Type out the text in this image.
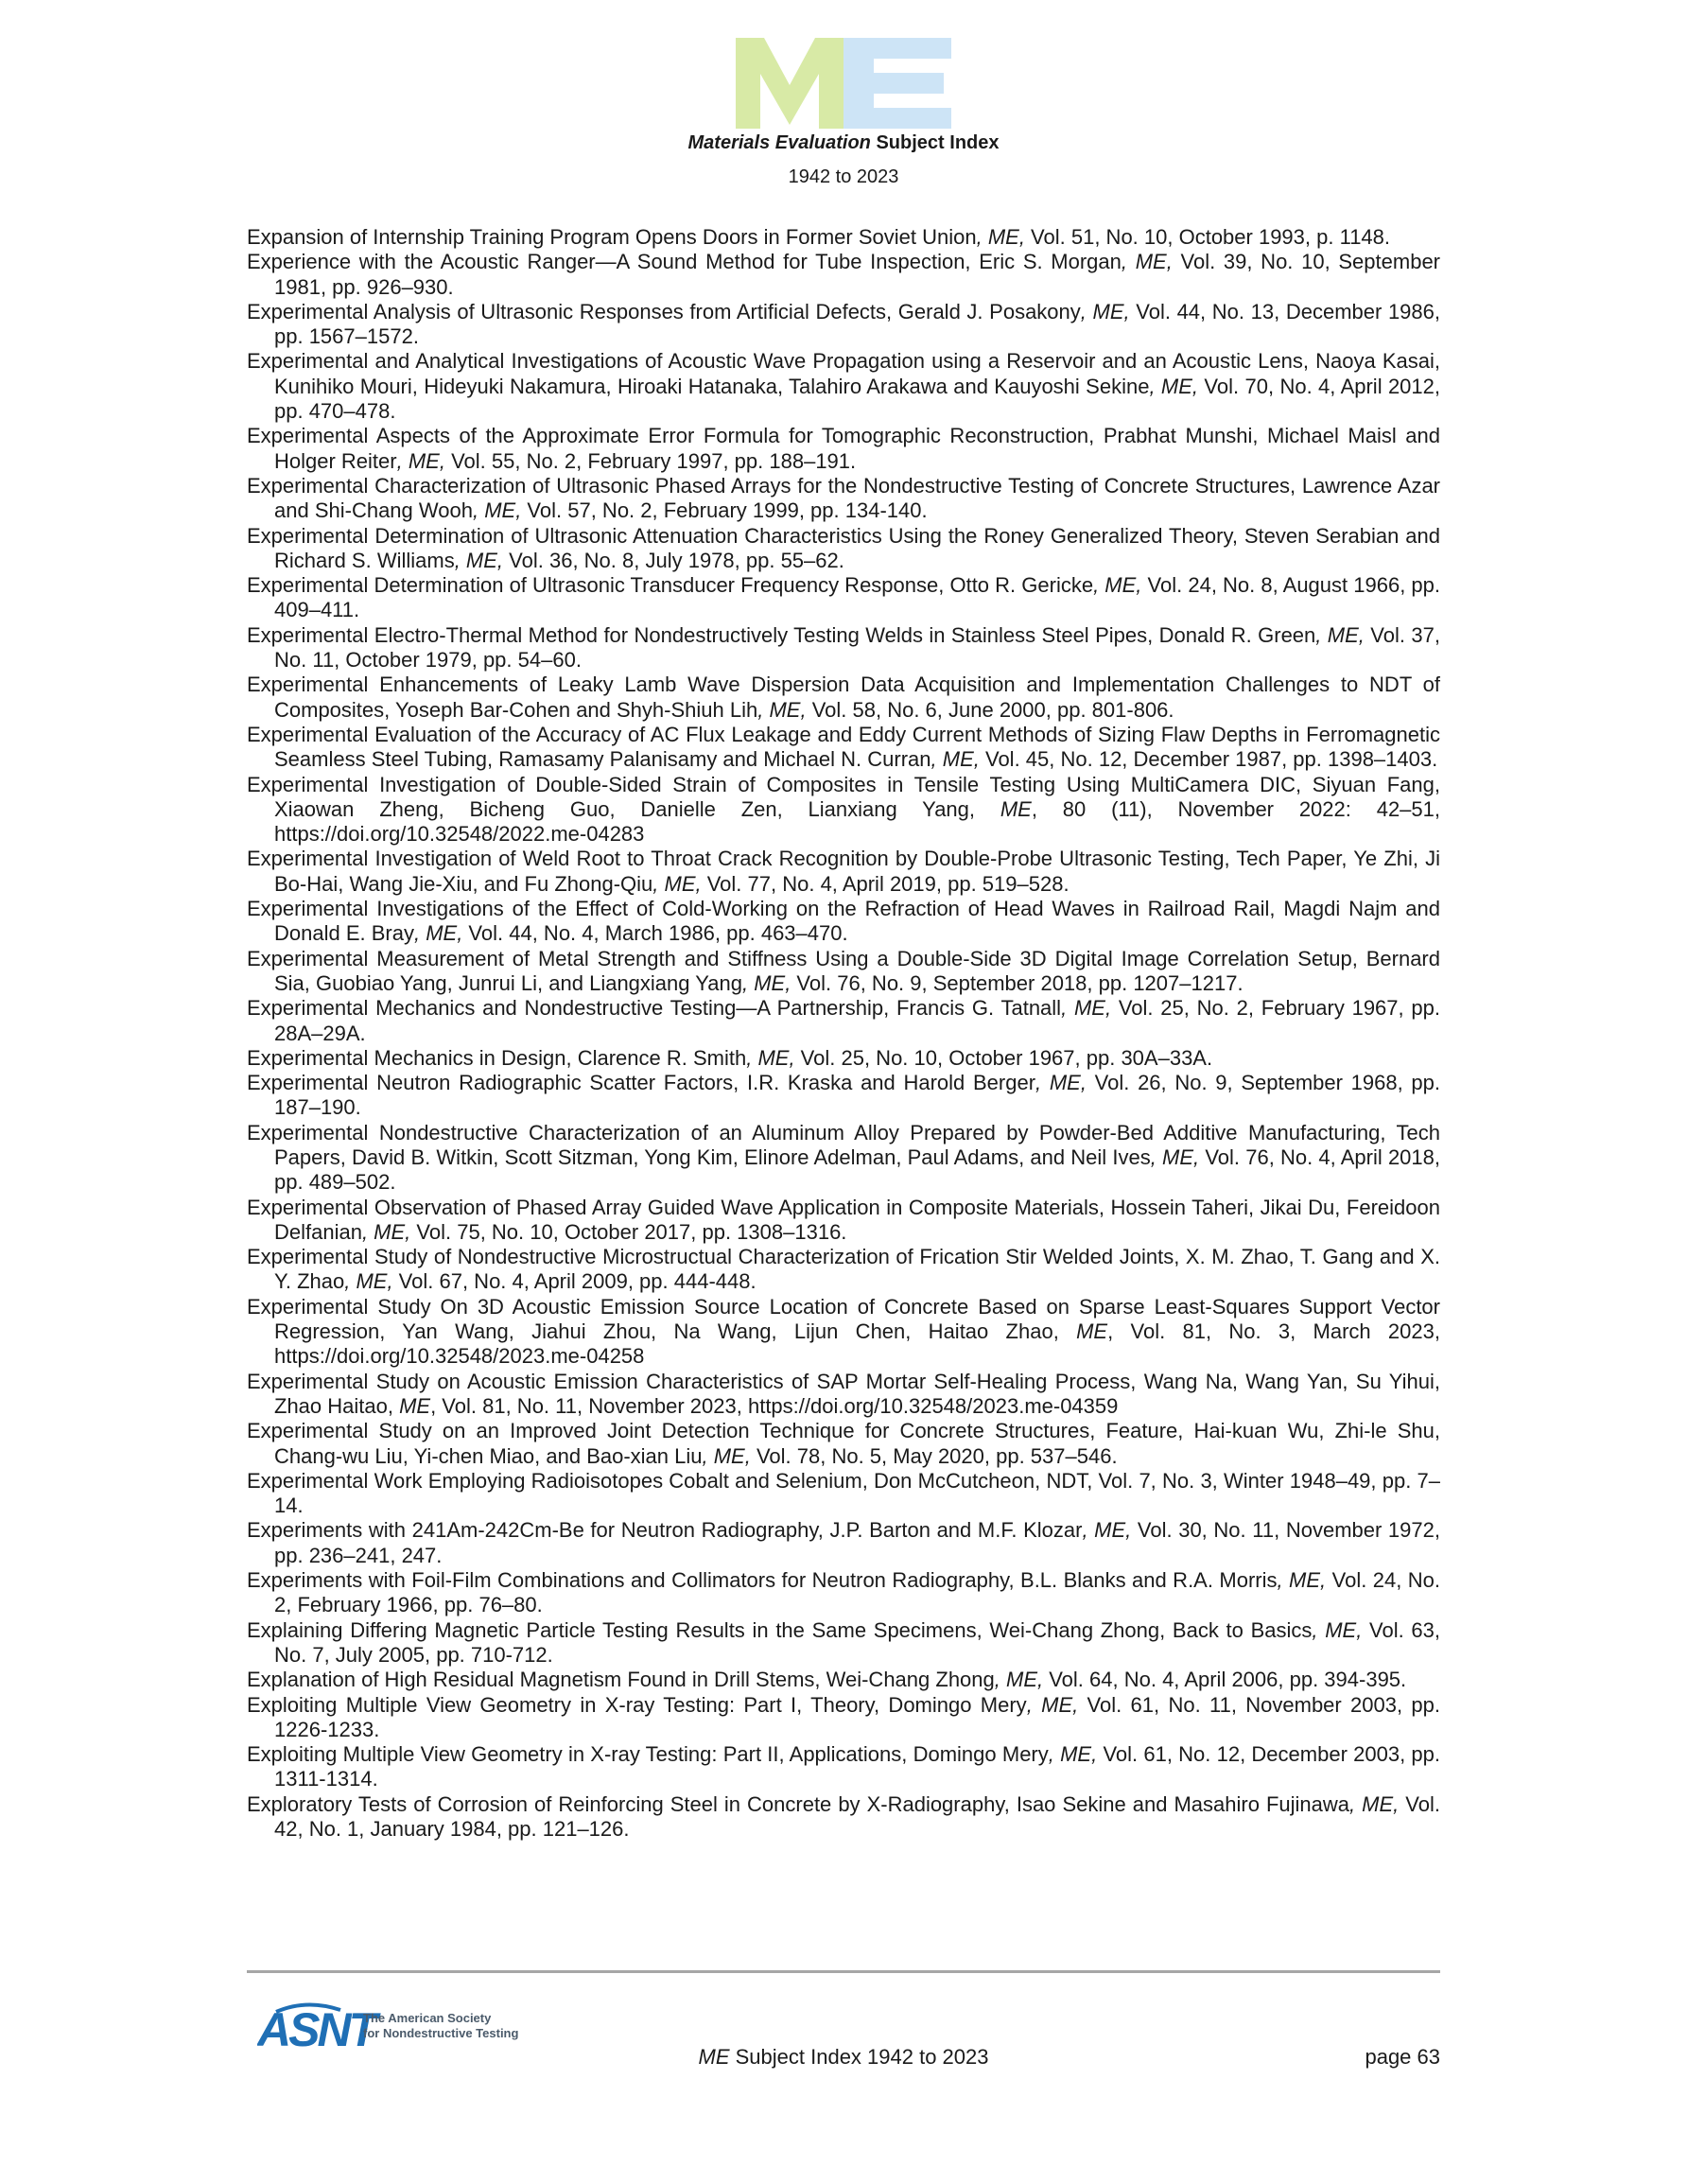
Materials Evaluation Subject Index
1942 to 2023
Expansion of Internship Training Program Opens Doors in Former Soviet Union, ME, Vol. 51, No. 10, October 1993, p. 1148.
Experience with the Acoustic Ranger—A Sound Method for Tube Inspection, Eric S. Morgan, ME, Vol. 39, No. 10, September 1981, pp. 926–930.
Experimental Analysis of Ultrasonic Responses from Artificial Defects, Gerald J. Posakony, ME, Vol. 44, No. 13, December 1986, pp. 1567–1572.
Experimental and Analytical Investigations of Acoustic Wave Propagation using a Reservoir and an Acoustic Lens, Naoya Kasai, Kunihiko Mouri, Hideyuki Nakamura, Hiroaki Hatanaka, Talahiro Arakawa and Kauyoshi Sekine, ME, Vol. 70, No. 4, April 2012, pp. 470–478.
Experimental Aspects of the Approximate Error Formula for Tomographic Reconstruction, Prabhat Munshi, Michael Maisl and Holger Reiter, ME, Vol. 55, No. 2, February 1997, pp. 188–191.
Experimental Characterization of Ultrasonic Phased Arrays for the Nondestructive Testing of Concrete Structures, Lawrence Azar and Shi-Chang Wooh, ME, Vol. 57, No. 2, February 1999, pp. 134-140.
Experimental Determination of Ultrasonic Attenuation Characteristics Using the Roney Generalized Theory, Steven Serabian and Richard S. Williams, ME, Vol. 36, No. 8, July 1978, pp. 55–62.
Experimental Determination of Ultrasonic Transducer Frequency Response, Otto R. Gericke, ME, Vol. 24, No. 8, August 1966, pp. 409–411.
Experimental Electro-Thermal Method for Nondestructively Testing Welds in Stainless Steel Pipes, Donald R. Green, ME, Vol. 37, No. 11, October 1979, pp. 54–60.
Experimental Enhancements of Leaky Lamb Wave Dispersion Data Acquisition and Implementation Challenges to NDT of Composites, Yoseph Bar-Cohen and Shyh-Shiuh Lih, ME, Vol. 58, No. 6, June 2000, pp. 801-806.
Experimental Evaluation of the Accuracy of AC Flux Leakage and Eddy Current Methods of Sizing Flaw Depths in Ferromagnetic Seamless Steel Tubing, Ramasamy Palanisamy and Michael N. Curran, ME, Vol. 45, No. 12, December 1987, pp. 1398–1403.
Experimental Investigation of Double-Sided Strain of Composites in Tensile Testing Using MultiCamera DIC, Siyuan Fang, Xiaowan Zheng, Bicheng Guo, Danielle Zen, Lianxiang Yang, ME, 80 (11), November 2022: 42–51, https://doi.org/10.32548/2022.me-04283
Experimental Investigation of Weld Root to Throat Crack Recognition by Double-Probe Ultrasonic Testing, Tech Paper, Ye Zhi, Ji Bo-Hai, Wang Jie-Xiu, and Fu Zhong-Qiu, ME, Vol. 77, No. 4, April 2019, pp. 519–528.
Experimental Investigations of the Effect of Cold-Working on the Refraction of Head Waves in Railroad Rail, Magdi Najm and Donald E. Bray, ME, Vol. 44, No. 4, March 1986, pp. 463–470.
Experimental Measurement of Metal Strength and Stiffness Using a Double-Side 3D Digital Image Correlation Setup, Bernard Sia, Guobiao Yang, Junrui Li, and Liangxiang Yang, ME, Vol. 76, No. 9, September 2018, pp. 1207–1217.
Experimental Mechanics and Nondestructive Testing—A Partnership, Francis G. Tatnall, ME, Vol. 25, No. 2, February 1967, pp. 28A–29A.
Experimental Mechanics in Design, Clarence R. Smith, ME, Vol. 25, No. 10, October 1967, pp. 30A–33A.
Experimental Neutron Radiographic Scatter Factors, I.R. Kraska and Harold Berger, ME, Vol. 26, No. 9, September 1968, pp. 187–190.
Experimental Nondestructive Characterization of an Aluminum Alloy Prepared by Powder-Bed Additive Manufacturing, Tech Papers, David B. Witkin, Scott Sitzman, Yong Kim, Elinore Adelman, Paul Adams, and Neil Ives, ME, Vol. 76, No. 4, April 2018, pp. 489–502.
Experimental Observation of Phased Array Guided Wave Application in Composite Materials, Hossein Taheri, Jikai Du, Fereidoon Delfanian, ME, Vol. 75, No. 10, October 2017, pp. 1308–1316.
Experimental Study of Nondestructive Microstructual Characterization of Frication Stir Welded Joints, X. M. Zhao, T. Gang and X. Y. Zhao, ME, Vol. 67, No. 4, April 2009, pp. 444-448.
Experimental Study On 3D Acoustic Emission Source Location of Concrete Based on Sparse Least-Squares Support Vector Regression, Yan Wang, Jiahui Zhou, Na Wang, Lijun Chen, Haitao Zhao, ME, Vol. 81, No. 3, March 2023, https://doi.org/10.32548/2023.me-04258
Experimental Study on Acoustic Emission Characteristics of SAP Mortar Self-Healing Process, Wang Na, Wang Yan, Su Yihui, Zhao Haitao, ME, Vol. 81, No. 11, November 2023, https://doi.org/10.32548/2023.me-04359
Experimental Study on an Improved Joint Detection Technique for Concrete Structures, Feature, Hai-kuan Wu, Zhi-le Shu, Chang-wu Liu, Yi-chen Miao, and Bao-xian Liu, ME, Vol. 78, No. 5, May 2020, pp. 537–546.
Experimental Work Employing Radioisotopes Cobalt and Selenium, Don McCutcheon, NDT, Vol. 7, No. 3, Winter 1948–49, pp. 7–14.
Experiments with 241Am-242Cm-Be for Neutron Radiography, J.P. Barton and M.F. Klozar, ME, Vol. 30, No. 11, November 1972, pp. 236–241, 247.
Experiments with Foil-Film Combinations and Collimators for Neutron Radiography, B.L. Blanks and R.A. Morris, ME, Vol. 24, No. 2, February 1966, pp. 76–80.
Explaining Differing Magnetic Particle Testing Results in the Same Specimens, Wei-Chang Zhong, Back to Basics, ME, Vol. 63, No. 7, July 2005, pp. 710-712.
Explanation of High Residual Magnetism Found in Drill Stems, Wei-Chang Zhong, ME, Vol. 64, No. 4, April 2006, pp. 394-395.
Exploiting Multiple View Geometry in X-ray Testing: Part I, Theory, Domingo Mery, ME, Vol. 61, No. 11, November 2003, pp. 1226-1233.
Exploiting Multiple View Geometry in X-ray Testing: Part II, Applications, Domingo Mery, ME, Vol. 61, No. 12, December 2003, pp. 1311-1314.
Exploratory Tests of Corrosion of Reinforcing Steel in Concrete by X-Radiography, Isao Sekine and Masahiro Fujinawa, ME, Vol. 42, No. 1, January 1984, pp. 121–126.
ASNT
The American Society
for Nondestructive Testing
ME Subject Index 1942 to 2023	page 63
